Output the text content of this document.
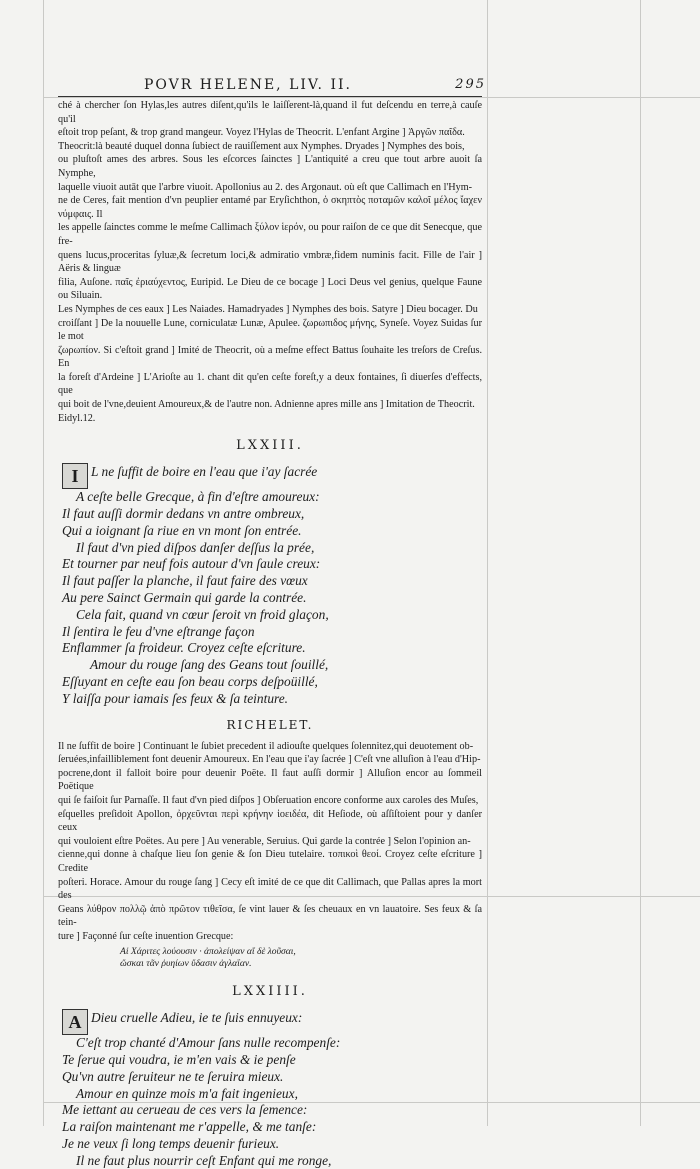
POVR HELENE, LIV. II.	295
ché à chercher ſon Hylas,les autres diſent,qu'ils le laiſſerent-là,quand il fut deſcendu en terre,à cauſe qu'il
eſtoit trop peſant, & trop grand mangeur. Voyez l'Hylas de Theocrit. L'enfant Argine ] Ἀργῶν παῖδα.
Theocrit:là beauté duquel donna ſubiect de rauiſſement aux Nymphes. Dryades ] Nymphes des bois,
ou pluſtoſt ames des arbres. Sous les eſcorces ſainctes ] L'antiquité a creu que tout arbre auoit ſa Nymphe,
laquelle viuoit autāt que l'arbre viuoit. Apollonius au 2. des Argonaut. où eſt que Callimach en l'Hym-
ne de Ceres, fait mention d'vn peuplier entamé par Eryſichthon, ὁ σκηπτὸς ποταμῶν καλοῖ μέλος ἴαχεν νύμφαις. Il
les appelle ſainctes comme le meſme Callimach ξύλον ἱερόν, ou pour raiſon de ce que dit Senecque, que fre-
quens lucus,proceritas ſyluæ,& ſecretum loci,& admiratio vmbræ,fidem numinis facit. Fille de l'air ] Aëris & linguæ
filia, Auſone. παῖς ἐριαύχεντος, Euripid. Le Dieu de ce bocage ] Loci Deus vel genius, quelque Faune ou Siluain.
Les Nymphes de ces eaux ] Les Naiades. Hamadryades ] Nymphes des bois. Satyre ] Dieu bocager. Du
croiſſant ] De la nouuelle Lune, corniculatæ Lunæ, Apulee. ζωρωπιδος μήνης, Syneſe. Voyez Suidas ſur le mot
ζωρωπίον. Si c'eſtoit grand ] Imité de Theocrit, où a meſme effect Battus ſouhaite les treſors de Creſus. En
la foreſt d'Ardeine ] L'Arioſte au 1. chant dit qu'en ceſte foreſt,y a deux fontaines, ſi diuerſes d'effects, que
qui boit de l'vne,deuient Amoureux,& de l'autre non. Adnienne apres mille ans ] Imitation de Theocrit.
Eidyl.12.
LXXIII.
I L ne ſuffit de boire en l'eau que i'ay ſacrée
A ceſte belle Grecque, à fin d'eſtre amoureux:
Il faut auſſi dormir dedans vn antre ombreux,
Qui a ioignant ſa riue en vn mont ſon entrée.
Il faut d'vn pied diſpos danſer deſſus la prée,
Et tourner par neuf fois autour d'vn ſaule creux:
Il faut paſſer la planche, il faut faire des vœux
Au pere Sainct Germain qui garde la contrée.
Cela fait, quand vn cœur ſeroit vn froid glaçon,
Il ſentira le feu d'vne eſtrange façon
Enflammer ſa froideur. Croyez ceſte eſcriture.
Amour du rouge ſang des Geans tout ſouillé,
Eſſuyant en ceſte eau ſon beau corps deſpoüillé,
Y laiſſa pour iamais ſes feux & ſa teinture.
RICHELET.
Il ne ſuffit de boire ] Continuant le ſubiet precedent il adiouſte quelques ſolennitez,qui deuotement ob-
ſeruées,infailliblement font deuenir Amoureux. En l'eau que i'ay ſacrée ] C'eſt vne alluſion à l'eau d'Hip-
pocrene,dont il falloit boire pour deuenir Poëte. Il faut auſſi dormir ] Alluſion encor au ſommeil Poëtique
qui ſe faiſoit ſur Parnaſſe. Il faut d'vn pied diſpos ] Obſeruation encore conforme aux caroles des Muſes,
eſquelles preſidoit Apollon, ὀρχεῦνται περὶ κρήνην ἰοειδέα, dit Heſiode, où aſſiſtoient pour y danſer ceux
qui vouloient eſtre Poëtes. Au pere ] Au venerable, Seruius. Qui garde la contrée ] Selon l'opinion an-
cienne,qui donne à chaſque lieu ſon genie & ſon Dieu tutelaire. τοπικοὶ θεοί. Croyez ceſte eſcriture ] Credite
poſteri. Horace. Amour du rouge ſang ] Cecy eſt imité de ce que dit Callimach, que Pallas apres la mort des
Geans λύθρον πολλῷ ἀπὸ πρῶτον τιθεῖσα, ſe vint lauer & ſes cheuaux en vn lauatoire. Ses feux & ſa tein-
ture ] Façonné ſur ceſte inuention Grecque:
Αἱ Χάριτες λούουσιν · ἀπολείψαν αἴ δὲ λοῦσαι,
ὥσκαι τᾶν ῥυηίων ὕδασιν ἀγλαΐαν.
LXXIIII.
A Dieu cruelle Adieu, ie te ſuis ennuyeux:
C'eſt trop chanté d'Amour ſans nulle recompenſe:
Te ſerue qui voudra, ie m'en vais & ie penſe
Qu'vn autre ſeruiteur ne te ſeruira mieux.
Amour en quinze mois m'a fait ingenieux,
Me iettant au cerueau de ces vers la ſemence:
La raiſon maintenant me r'appelle, & me tanſe:
Je ne veux ſi long temps deuenir furieux.
Il ne faut plus nourrir ceſt Enfant qui me ronge,
